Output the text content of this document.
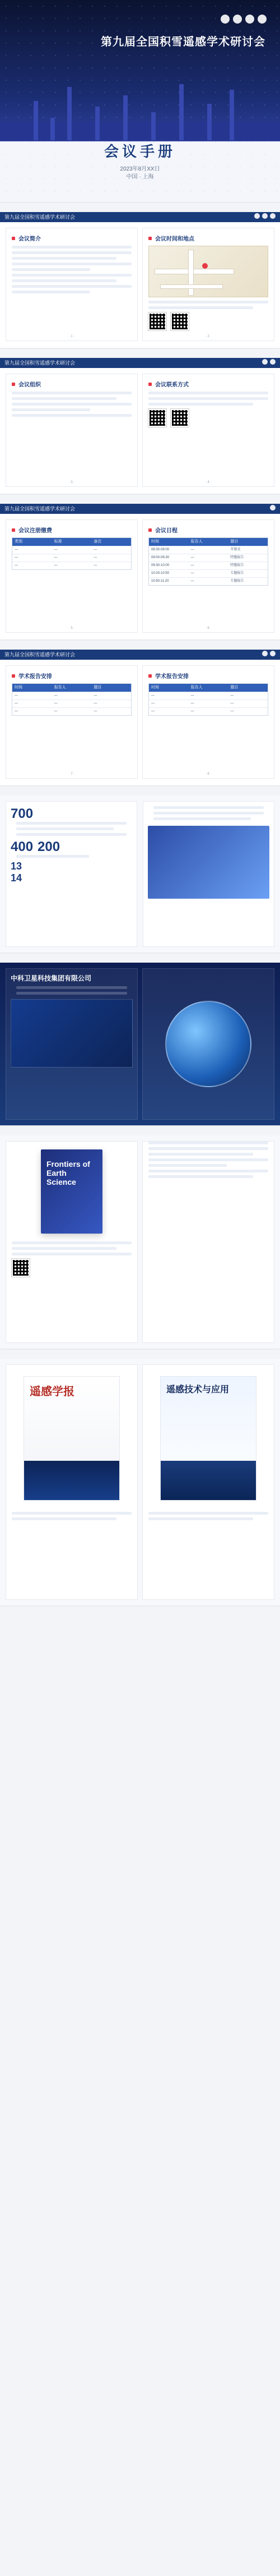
第九届全国积雪遥感学术研讨会
会议手册
2023年8月XX日
中国 · 上海
第九届全国积雪遥感学术研讨会
会议简介
· 1 ·
会议时间和地点
· 2 ·
第九届全国积雪遥感学术研讨会
会议组织
· 3 ·
会议联系方式
· 4 ·
第九届全国积雪遥感学术研讨会
会议注册缴费
类别	标准	备注
—	—	—
—	—	—
—	—	—
· 5 ·
会议日程
时间	报告人	题目
08:30-09:00	—	开幕式
09:00-09:30	—	特邀报告
09:30-10:00	—	特邀报告
10:20-10:50	—	专题报告
10:50-11:20	—	专题报告
· 6 ·
第九届全国积雪遥感学术研讨会
学术报告安排
时间	报告人	题目
—	—	—
—	—	—
—	—	—
· 7 ·
学术报告安排
时间	报告人	题目
—	—	—
—	—	—
—	—	—
· 8 ·
700
400 200
13
14
中科卫星科技集团有限公司
Frontiers of Earth Science
遥感学报	遥感技术与应用
